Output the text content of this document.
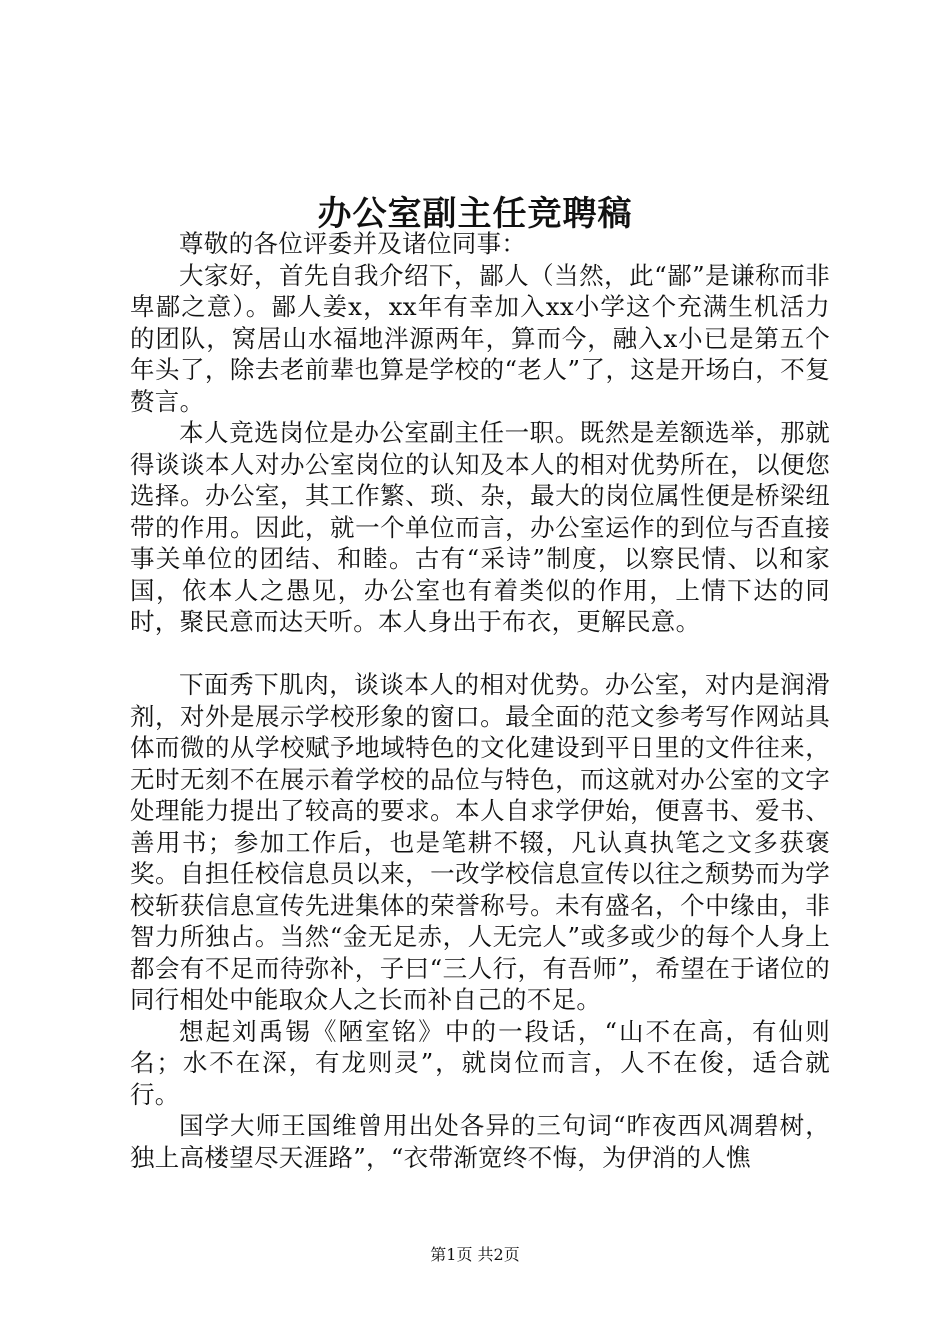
办公室副主任竞聘稿

尊敬的各位评委并及诸位同事：

大家好，首先自我介绍下，鄙人（当然，此“鄙”是谦称而非卑鄙之意）。鄙人姜x，xx年有幸加入xx小学这个充满生机活力的团队，窝居山水福地泮源两年，算而今，融入x小已是第五个年头了，除去老前辈也算是学校的“老人”了，这是开场白，不复赘言。

本人竞选岗位是办公室副主任一职。既然是差额选举，那就得谈谈本人对办公室岗位的认知及本人的相对优势所在，以便您选择。办公室，其工作繁、琐、杂，最大的岗位属性便是桥梁纽带的作用。因此，就一个单位而言，办公室运作的到位与否直接事关单位的团结、和睦。古有“采诗”制度，以察民情、以和家国，依本人之愚见，办公室也有着类似的作用，上情下达的同时，聚民意而达天听。本人身出于布衣，更解民意。

下面秀下肌肉，谈谈本人的相对优势。办公室，对内是润滑剂，对外是展示学校形象的窗口。最全面的范文参考写作网站具体而微的从学校赋予地域特色的文化建设到平日里的文件往来，无时无刻不在展示着学校的品位与特色，而这就对办公室的文字处理能力提出了较高的要求。本人自求学伊始，便喜书、爱书、善用书；参加工作后，也是笔耕不辍，凡认真执笔之文多获褒奖。自担任校信息员以来，一改学校信息宣传以往之颓势而为学校斩获信息宣传先进集体的荣誉称号。未有盛名，个中缘由，非智力所独占。当然“金无足赤，人无完人”或多或少的每个人身上都会有不足而待弥补，子曰“三人行，有吾师”，希望在于诸位的同行相处中能取众人之长而补自己的不足。

想起刘禹锡《陋室铭》中的一段话，“山不在高，有仙则名；水不在深，有龙则灵”，就岗位而言，人不在俊，适合就行。

国学大师王国维曾用出处各异的三句词“昨夜西风凋碧树，独上高楼望尽天涯路”，“衣带渐宽终不悔，为伊消的人憔

第1页 共2页
